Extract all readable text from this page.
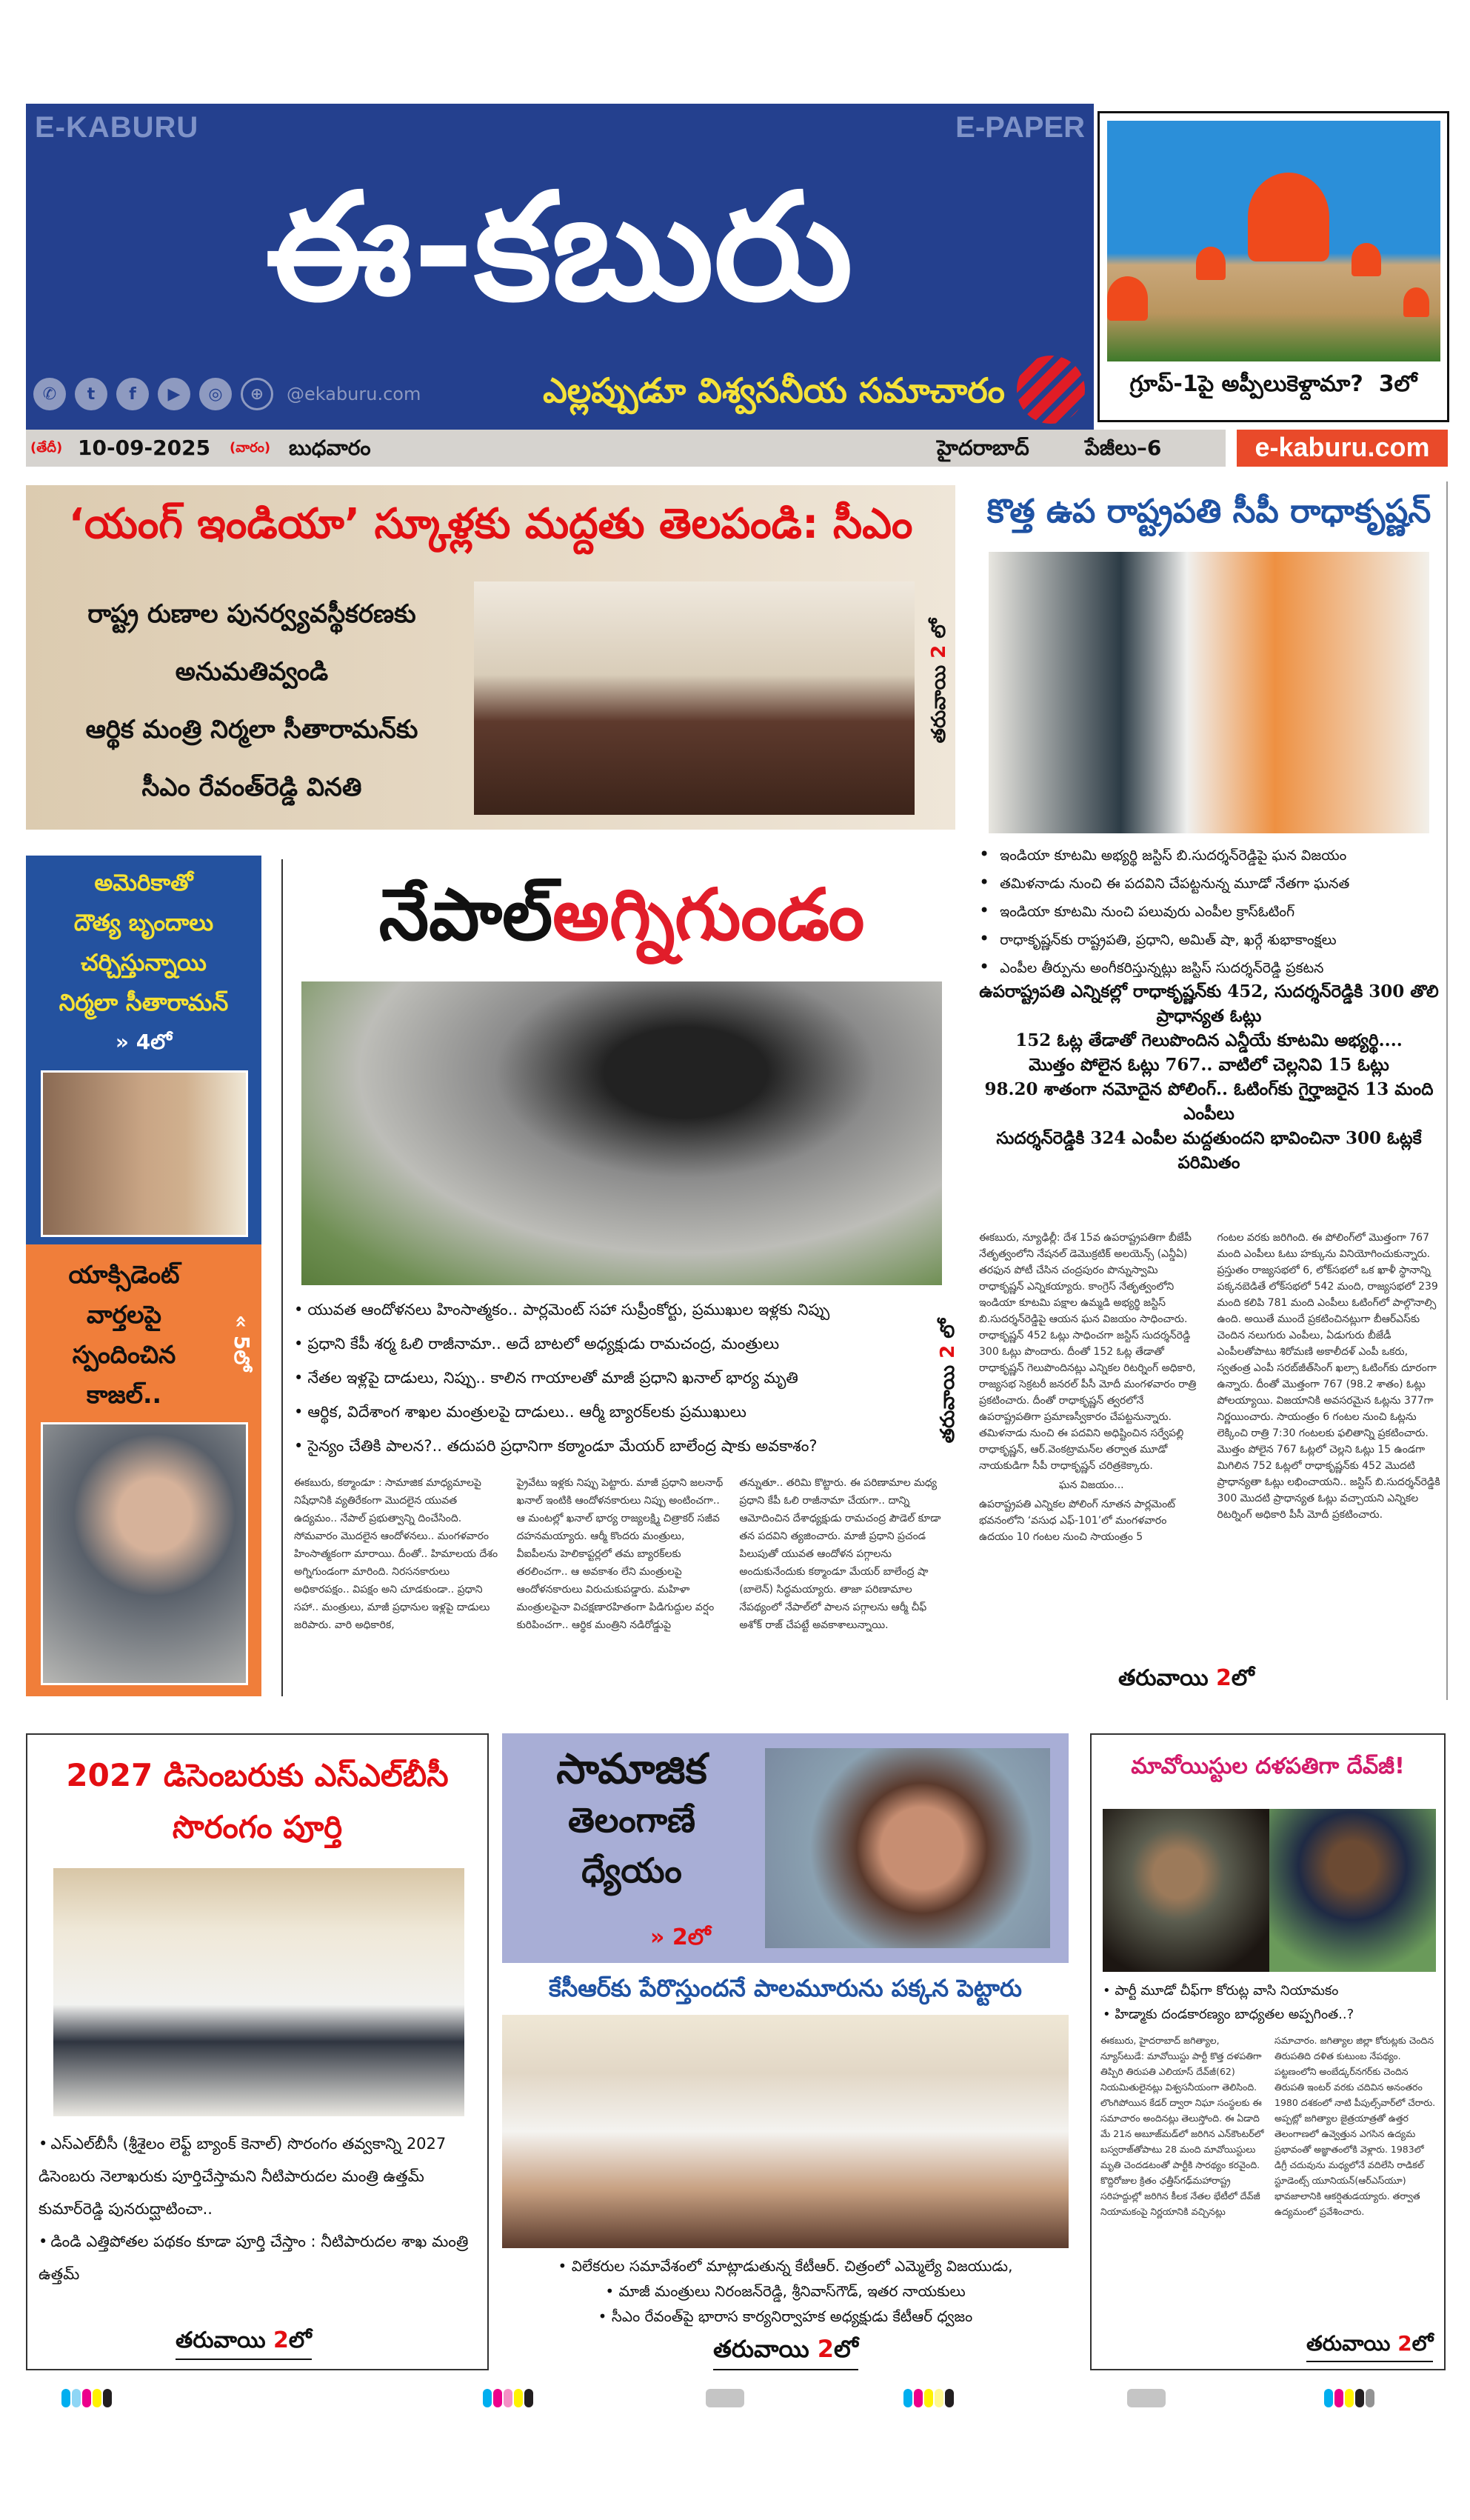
E-KABURU	E-PAPER
ఈ-కబురు
✆	t	f	▶	◎	⊕	@ekaburu.com	ఎల్లప్పుడూ విశ్వసనీయ సమాచారం	గ్రూప్-1పై అప్పీలుకెళ్దామా? 3లో
(తేదీ) 10-09-2025 (వారం) బుధవారం	హైదరాబాద్	పేజీలు–6	e-kaburu.com
‘యంగ్ ఇండియా’ స్కూళ్లకు మద్దతు తెలపండి: సీఎం
రాష్ట్ర రుణాల పునర్వ్యవస్థీకరణకు
అనుమతివ్వండి
ఆర్థిక మంత్రి నిర్మలా సీతారామన్‌కు
సీఎం రేవంత్‌రెడ్డి వినతి
తరువాయి 2 లో
కొత్త ఉప రాష్ట్రపతి సీపీ రాధాకృష్ణన్
• ఇండియా కూటమి అభ్యర్థి జస్టిస్ బి.సుదర్శన్‌రెడ్డిపై ఘన విజయం
• తమిళనాడు నుంచి ఈ పదవిని చేపట్టనున్న మూడో నేతగా ఘనత
• ఇండియా కూటమి నుంచి పలువురు ఎంపీల క్రాస్‌ఓటింగ్
• రాధాకృష్ణన్‌కు రాష్ట్రపతి, ప్రధాని, అమిత్ షా, ఖర్గే శుభాకాంక్షలు
• ఎంపీల తీర్పును అంగీకరిస్తున్నట్లు జస్టిస్ సుదర్శన్‌రెడ్డి ప్రకటన
ఉపరాష్ట్రపతి ఎన్నికల్లో రాధాకృష్ణన్‌కు 452, సుదర్శన్‌రెడ్డికి 300 తొలి ప్రాధాన్యత ఓట్లు
152 ఓట్ల తేడాతో గెలుపొందిన ఎన్డీయే కూటమి అభ్యర్థి....
మొత్తం పోలైన ఓట్లు 767.. వాటిలో చెల్లనివి 15 ఓట్లు
98.20 శాతంగా నమోదైన పోలింగ్.. ఓటింగ్‌కు గైర్హాజరైన 13 మంది ఎంపీలు
సుదర్శన్‌రెడ్డికి 324 ఎంపీల మద్దతుందని భావించినా 300 ఓట్లకే పరిమితం

ఈకబురు, న్యూఢిల్లీ: దేశ 15వ ఉపరాష్ట్రపతిగా బీజేపీ నేతృత్వంలోని నేషనల్ డెమొక్రటిక్ అలయెన్స్ (ఎన్డీఏ) తరఫున పోటీ చేసిన చంద్రపురం పొన్నుస్వామి రాధాకృష్ణన్ ఎన్నికయ్యారు. కాంగ్రెస్ నేతృత్వంలోని ఇండియా కూటమి పక్షాల ఉమ్మడి అభ్యర్థి జస్టిస్ బి.సుదర్శన్‌రెడ్డిపై ఆయన ఘన విజయం సాధించారు. రాధాకృష్ణన్ 452 ఓట్లు సాధించగా జస్టిస్ సుదర్శన్‌రెడ్డి 300 ఓట్లు పొందారు. దీంతో 152 ఓట్ల తేడాతో రాధాకృష్ణన్ గెలుపొందినట్లు ఎన్నికల రిటర్నింగ్ అధికారి, రాజ్యసభ సెక్రటరీ జనరల్ పీసీ మోదీ మంగళవారం రాత్రి ప్రకటించారు. దీంతో రాధాకృష్ణన్ త్వరలోనే ఉపరాష్ట్రపతిగా ప్రమాణస్వీకారం చేపట్టనున్నారు. తమిళనాడు నుంచి ఈ పదవిని అధిష్టించిన సర్వేపల్లి రాధాకృష్ణన్, ఆర్.వెంకట్రామన్‌ల తర్వాత మూడో నాయకుడిగా సీపీ రాధాకృష్ణన్ చరిత్రకెక్కారు.

ఘన విజయం...

ఉపరాష్ట్రపతి ఎన్నికల పోలింగ్ నూతన పార్లమెంట్ భవనంలోని ‘వసుధ ఎఫ్-101’లో మంగళవారం ఉదయం 10 గంటల నుంచి సాయంత్రం 5

గంటల వరకు జరిగింది. ఈ పోలింగ్‌లో మొత్తంగా 767 మంది ఎంపీలు ఓటు హక్కును వినియోగించుకున్నారు. ప్రస్తుతం రాజ్యసభలో 6, లోక్‌సభలో ఒక ఖాళీ స్థానాన్ని పక్కనబెడితే లోక్‌సభలో 542 మంది, రాజ్యసభలో 239 మంది కలిపి 781 మంది ఎంపీలు ఓటింగ్‌లో పాల్గొనాల్సి ఉంది. అయితే ముందే ప్రకటించినట్లుగా బీఆర్‌ఎస్‌కు చెందిన నలుగురు ఎంపీలు, ఏడుగురు బీజేడీ ఎంపీలతోపాటు శిరోమణి అకాలీదళ్ ఎంపీ ఒకరు, స్వతంత్ర ఎంపీ సరబ్‌జీత్‌సింగ్ ఖల్సా ఓటింగ్‌కు దూరంగా ఉన్నారు. దీంతో మొత్తంగా 767 (98.2 శాతం) ఓట్లు పోలయ్యాయి. విజయానికి అవసరమైన ఓట్లను 377గా నిర్ణయించారు. సాయంత్రం 6 గంటల నుంచి ఓట్లను లెక్కించి రాత్రి 7:30 గంటలకు ఫలితాన్ని ప్రకటించారు. మొత్తం పోలైన 767 ఓట్లలో చెల్లని ఓట్లు 15 ఉండగా మిగిలిన 752 ఓట్లలో రాధాకృష్ణన్‌కు 452 మొదటి ప్రాధాన్యతా ఓట్లు లభించాయని.. జస్టిస్ బి.సుదర్శన్‌రెడ్డికి 300 మొదటి ప్రాధాన్యత ఓట్లు వచ్చాయని ఎన్నికల రిటర్నింగ్ అధికారి పీసీ మోదీ ప్రకటించారు.

తరువాయి 2లో
అమెరికాతో
దౌత్య బృందాలు
చర్చిస్తున్నాయి
నిర్మలా సీతారామన్
» 4లో
యాక్సిడెంట్
వార్తలపై
స్పందించిన
కాజల్..
« 5లో
నేపాల్అగ్నిగుండం
• యువత ఆందోళనలు హింసాత్మకం.. పార్లమెంట్ సహా సుప్రీంకోర్టు, ప్రముఖుల ఇళ్లకు నిప్పు
• ప్రధాని కేపీ శర్మ ఓలి రాజీనామా.. అదే బాటలో అధ్యక్షుడు రామచంద్ర, మంత్రులు
• నేతల ఇళ్లపై దాడులు, నిప్పు.. కాలిన గాయాలతో మాజీ ప్రధాని ఖనాల్ భార్య మృతి
• ఆర్థిక, విదేశాంగ శాఖల మంత్రులపై దాడులు.. ఆర్మీ బ్యారక్‌లకు ప్రముఖులు
• సైన్యం చేతికి పాలన?.. తదుపరి ప్రధానిగా కఠ్మాండూ మేయర్ బాలేంద్ర షాకు అవకాశం?
తరువాయి 2 లో

ఈకబురు, కఠ్మాండూ : సామాజిక మాధ్యమాలపై నిషేధానికి వ్యతిరేకంగా మొదలైన యువత ఉద్యమం.. నేపాల్ ప్రభుత్వాన్ని దించేసింది. సోమవారం మొదలైన ఆందోళనలు.. మంగళవారం హింసాత్మకంగా మారాయి. దీంతో.. హిమాలయ దేశం అగ్నిగుండంగా మారింది. నిరసనకారులు అధికారపక్షం.. విపక్షం అని చూడకుండా.. ప్రధాని సహా.. మంత్రులు, మాజీ ప్రధానుల ఇళ్లపై దాడులు జరిపారు. వారి అధికారిక,

ప్రైవేటు ఇళ్లకు నిప్పు పెట్టారు. మాజీ ప్రధాని జలనాథ్ ఖనాల్ ఇంటికి ఆందోళనకారులు నిప్పు అంటించగా.. ఆ మంటల్లో ఖనాల్ భార్య రాజ్యలక్ష్మి చిత్రాకర్ సజీవ దహనమయ్యారు. ఆర్మీ కొందరు మంత్రులు, వీఐపీలను హెలికాప్టర్లలో తమ బ్యారక్‌లకు తరలించగా.. ఆ అవకాశం లేని మంత్రులపై ఆందోళనకారులు విరుచుకుపడ్డారు. మహిళా మంత్రులపైనా విచక్షణారహితంగా పిడిగుద్దుల వర్షం కురిపించగా.. ఆర్థిక మంత్రిని నడిరోడ్డుపై

తన్నుతూ.. తరిమి కొట్టారు. ఈ పరిణామాల మధ్య ప్రధాని కేపీ ఓలి రాజీనామా చేయగా.. దాన్ని ఆమోదించిన దేశాధ్యక్షుడు రామచంద్ర పౌడెల్ కూడా తన పదవిని త్యజించారు. మాజీ ప్రధాని ప్రచండ పిలుపుతో యువత ఆందోళన పగ్గాలను అందుకునేందుకు కఠ్మాండూ మేయర్ బాలేంద్ర షా (బాలెన్) సిద్ధమయ్యారు. తాజా పరిణామాల నేపథ్యంలో నేపాల్‌లో పాలన పగ్గాలను ఆర్మీ చీఫ్ అశోక్ రాజ్ చేపట్టే అవకాశాలున్నాయి.

2027 డిసెంబరుకు ఎస్‌ఎల్‌బీసీ
సొరంగం పూర్తి
• ఎస్‌ఎల్‌బీసీ (శ్రీశైలం లెఫ్ట్ బ్యాంక్ కెనాల్) సొరంగం తవ్వకాన్ని 2027 డిసెంబరు నెలాఖరుకు పూర్తిచేస్తామని నీటిపారుదల మంత్రి ఉత్తమ్ కుమార్‌రెడ్డి పునరుద్ఘాటించా..
• డిండి ఎత్తిపోతల పథకం కూడా పూర్తి చేస్తాం : నీటిపారుదల శాఖ మంత్రి ఉత్తమ్
తరువాయి 2లో
సామాజిక
తెలంగాణే
ధ్యేయం
» 2లో
కేసీఆర్‌కు పేరొస్తుందనే పాలమూరును పక్కన పెట్టారు
• విలేకరుల సమావేశంలో మాట్లాడుతున్న కేటీఆర్. చిత్రంలో ఎమ్మెల్యే విజయుడు,
• మాజీ మంత్రులు నిరంజన్‌రెడ్డి, శ్రీనివాస్‌గౌడ్, ఇతర నాయకులు
• సీఎం రేవంత్‌పై భారాస కార్యనిర్వాహక అధ్యక్షుడు కేటీఆర్ ధ్వజం
తరువాయి 2లో
మావోయిస్టుల దళపతిగా దేవ్‌జీ!
• పార్టీ మూడో చీఫ్‌గా కోరుట్ల వాసి నియామకం
• హిడ్మాకు దండకారణ్యం బాధ్యతల అప్పగింత..?

ఈకబురు, హైదరాబాద్ జగిత్యాల, న్యూస్‌టుడే: మావోయిస్టు పార్టీ కొత్త దళపతిగా తిప్పిరి తిరుపతి ఎలియాస్ దేవ్‌జీ(62) నియమితులైనట్లు విశ్వసనీయంగా తెలిసింది. లొంగిపోయిన కేడర్ ద్వారా నిఘా సంస్థలకు ఈ సమాచారం అందినట్లు తెలుస్తోంది. ఈ ఏడాది మే 21న అబూజ్‌మడ్‌లో జరిగిన ఎన్‌కౌంటర్‌లో బస్వరాజ్‌తోపాటు 28 మంది మావోయిస్టులు మృతి చెందడటంతో పార్టీకి సారథ్యం కరవైంది. కొద్దిరోజుల క్రితం ఛత్తీస్‌గఢ్‌మహారాష్ట్ర సరిహద్దుల్లో జరిగిన కీలక నేతల భేటీలో దేవ్‌జీ నియామకంపై నిర్ణయానికి వచ్చినట్లు

సమాచారం. జగిత్యాల జిల్లా కోరుట్లకు చెందిన తిరుపతిది దళిత కుటుంబ నేపథ్యం. పట్టణంలోని అంబేడ్కర్‌నగర్‌కు చెందిన తిరుపతి ఇంటర్ వరకు చదివిన అనంతరం 1980 దశకంలో నాటి పీపుల్స్‌వార్‌లో చేరారు. అప్పట్లో జగిత్యాల జైత్రయాత్రతో ఉత్తర తెలంగాణలో ఉవ్వెత్తున ఎగసిన ఉద్యమ ప్రభావంతో అజ్ఞాతంలోకి వెళ్లారు. 1983లో డిగ్రీ చదువును మధ్యలోనే వదిలేసి రాడికల్ స్టూడెంట్స్ యూనియన్(ఆర్‌ఎస్‌యూ) భావజాలానికి ఆకర్షితుడయ్యారు. తర్వాత ఉద్యమంలో ప్రవేశించారు.

తరువాయి 2లో
